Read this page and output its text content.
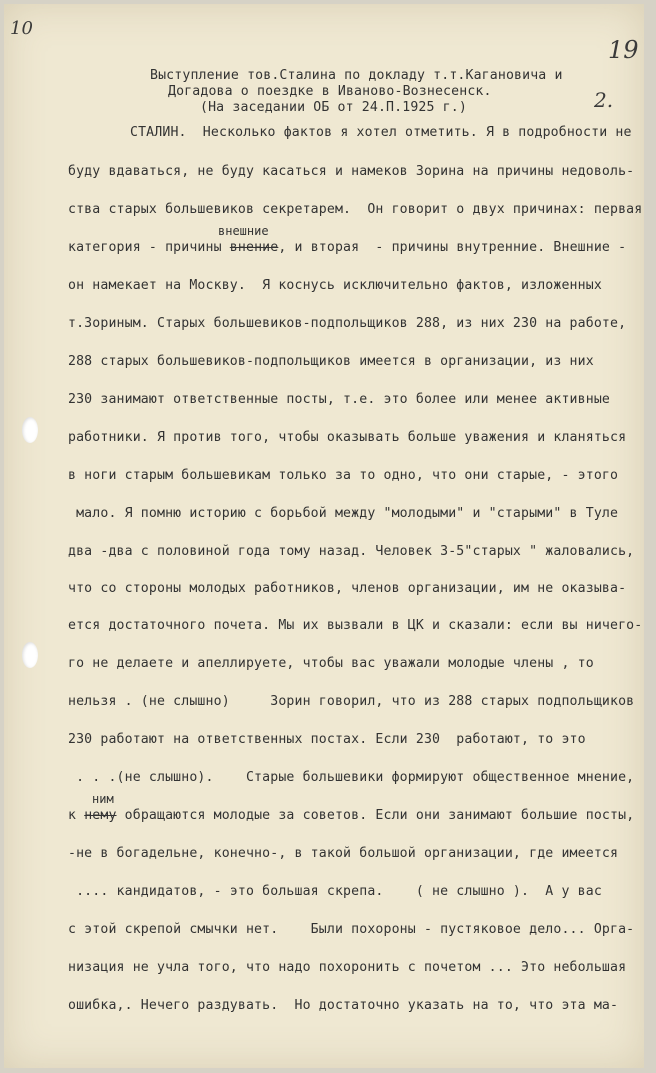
10
19
2.
Выступление тов.Сталина по докладу т.т.Кагановича и
Догадова о поездке в Иваново-Вознесенск.
(На заседании ОБ от 24.П.1925 г.)
СТАЛИН.  Несколько фактов я хотел отметить. Я в подробности не
буду вдаваться, не буду касаться и намеков Зорина на причины недоволь-
ства старых большевиков секретарем.  Он говорит о двух причинах: первая
внешние
категория - причины внение, и вторая  - причины внутренние. Внешние -
он намекает на Москву.  Я коснусь исключительно фактов, изложенных
т.Зориным. Старых большевиков-подпольщиков 288, из них 230 на работе,
288 старых большевиков-подпольщиков имеется в организации, из них
230 занимают ответственные посты, т.е. это более или менее активные
работники. Я против того, чтобы оказывать больше уважения и кланяться
в ноги старым большевикам только за то одно, что они старые, - этого
мало. Я помню историю с борьбой между "молодыми" и "старыми" в Туле
два -два с половиной года тому назад. Человек 3-5"старых " жаловались,
что со стороны молодых работников, членов организации, им не оказыва-
ется достаточного почета. Мы их вызвали в ЦК и сказали: если вы ничего-
го не делаете и апеллируете, чтобы вас уважали молодые члены , то
нельзя . (не слышно)     Зорин говорил, что из 288 старых подпольщиков
230 работают на ответственных постах. Если 230  работают, то это
. . .(не слышно).    Старые большевики формируют общественное мнение,
ним
к нему обращаются молодые за советов. Если они занимают большие посты,
-не в богадельне, конечно-, в такой большой организации, где имеется
.... кандидатов, - это большая скрепа.    ( не слышно ).  А у вас
с этой скрепой смычки нет.    Были похороны - пустяковое дело... Орга-
низация не учла того, что надо похоронить с почетом ... Это небольшая
ошибка,. Нечего раздувать.  Но достаточно указать на то, что эта ма-
